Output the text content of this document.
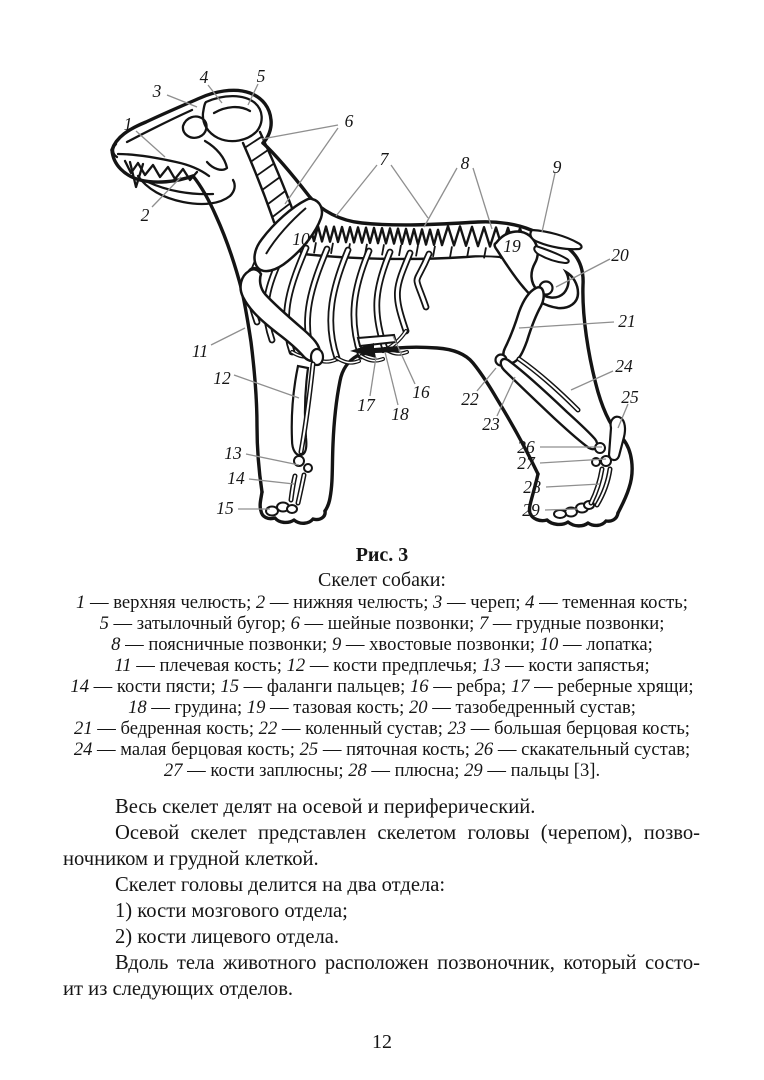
1
2
3
4	5
6
7	8	9
10
11
12
13
14
15
16
17 18
19	20
21
22
23
24
25
26
27
28
29
Рис. 3
Скелет собаки:
1 — верхняя челюсть; 2 — нижняя челюсть; 3 — череп; 4 — теменная кость;
5 — затылочный бугор; 6 — шейные позвонки; 7 — грудные позвонки;
8 — поясничные позвонки; 9 — хвостовые позвонки; 10 — лопатка;
11 — плечевая кость; 12 — кости предплечья; 13 — кости запястья;
14 — кости пясти; 15 — фаланги пальцев; 16 — ребра; 17 — реберные хрящи;
18 — грудина; 19 — тазовая кость; 20 — тазобедренный сустав;
21 — бедренная кость; 22 — коленный сустав; 23 — большая берцовая кость;
24 — малая берцовая кость; 25 — пяточная кость; 26 — скакательный сустав;
27 — кости заплюсны; 28 — плюсна; 29 — пальцы [3].
Весь скелет делят на осевой и периферический.
Осевой скелет представлен скелетом головы (черепом), позво-
ночником и грудной клеткой.
Скелет головы делится на два отдела:
1) кости мозгового отдела;
2) кости лицевого отдела.
Вдоль тела животного расположен позвоночник, который состо-
ит из следующих отделов.
12
